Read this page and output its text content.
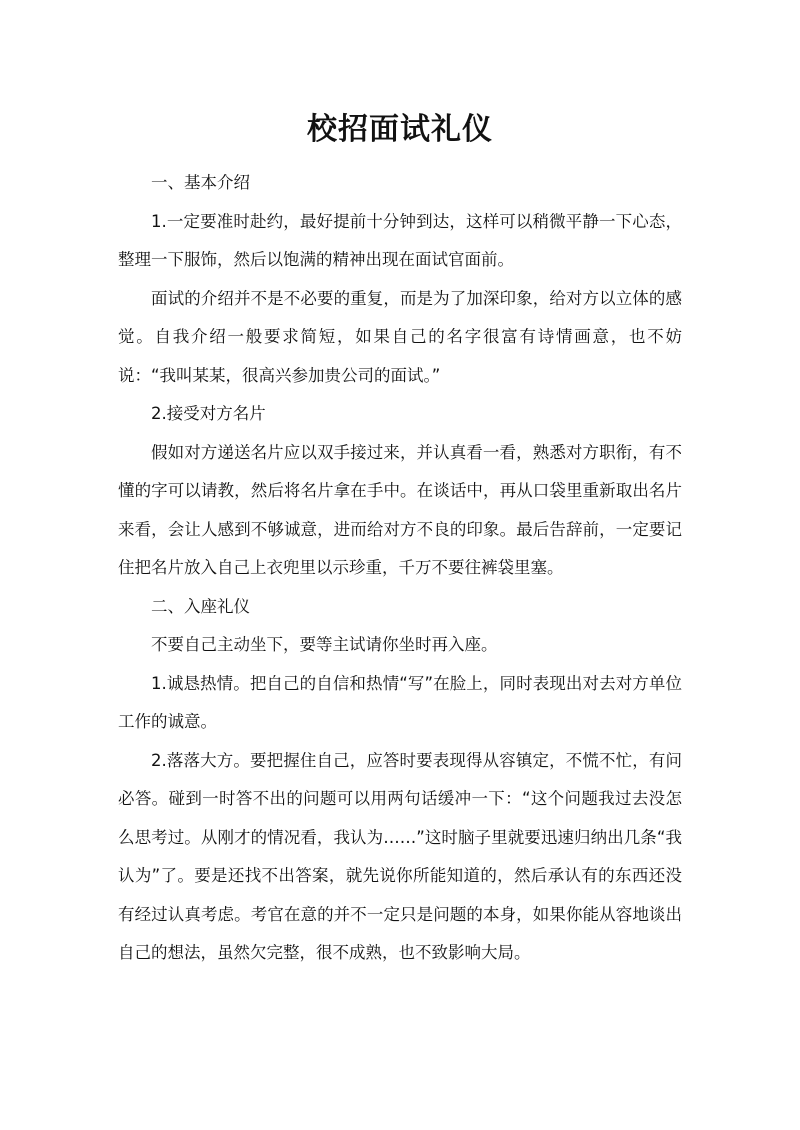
校招面试礼仪

一、基本介绍

1.一定要准时赴约，最好提前十分钟到达，这样可以稍微平静一下心态，整理一下服饰，然后以饱满的精神出现在面试官面前。

面试的介绍并不是不必要的重复，而是为了加深印象，给对方以立体的感觉。自我介绍一般要求简短，如果自己的名字很富有诗情画意，也不妨说：“我叫某某，很高兴参加贵公司的面试。”

2.接受对方名片

假如对方递送名片应以双手接过来，并认真看一看，熟悉对方职衔，有不懂的字可以请教，然后将名片拿在手中。在谈话中，再从口袋里重新取出名片来看，会让人感到不够诚意，进而给对方不良的印象。最后告辞前，一定要记住把名片放入自己上衣兜里以示珍重，千万不要往裤袋里塞。

二、入座礼仪

不要自己主动坐下，要等主试请你坐时再入座。

1.诚恳热情。把自己的自信和热情“写”在脸上，同时表现出对去对方单位工作的诚意。

2.落落大方。要把握住自己，应答时要表现得从容镇定，不慌不忙，有问必答。碰到一时答不出的问题可以用两句话缓冲一下：“这个问题我过去没怎么思考过。从刚才的情况看，我认为……”这时脑子里就要迅速归纳出几条“我认为”了。要是还找不出答案，就先说你所能知道的，然后承认有的东西还没有经过认真考虑。考官在意的并不一定只是问题的本身，如果你能从容地谈出自己的想法，虽然欠完整，很不成熟，也不致影响大局。
